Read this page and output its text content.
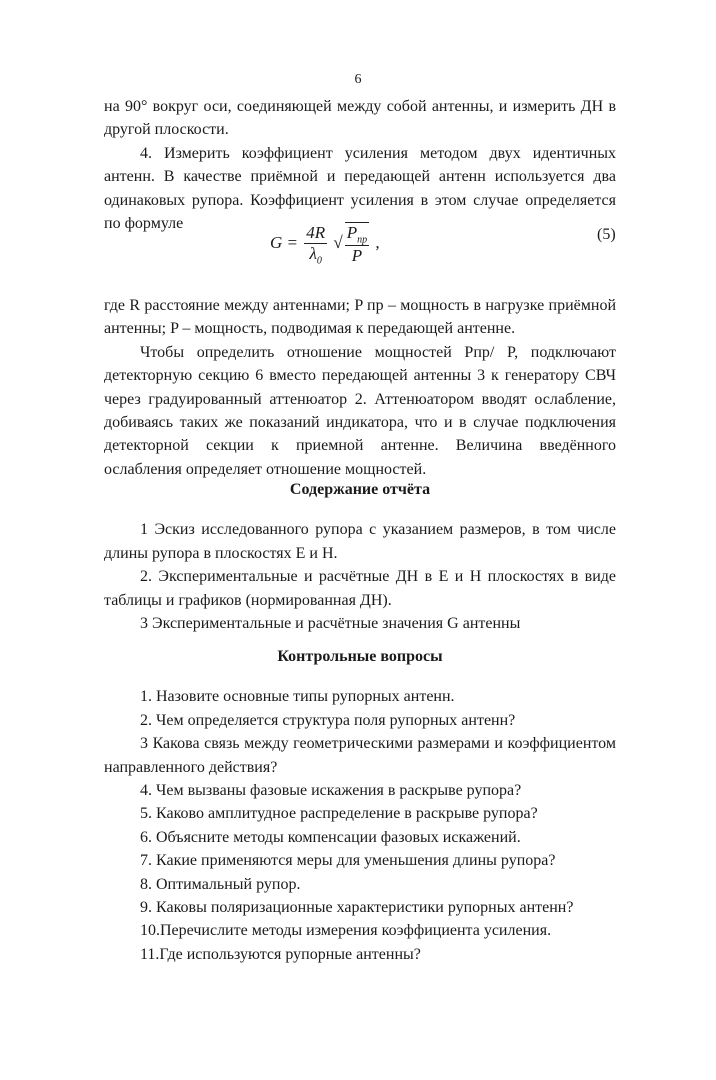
6

на 90° вокруг оси, соединяющей между собой антенны, и измерить ДН в другой плоскости.

4. Измерить коэффициент усиления методом двух идентичных антенн. В качестве приёмной и передающей антенн используется два одинаковых рупора. Коэффициент усиления в этом случае определяется по формуле

$G = \frac{4R}{\lambda_0}$ √ $\frac{P_{пр}}{P}$ ,	(5)

где R расстояние между антеннами; P пр – мощность в нагрузке приёмной антенны; P – мощность, подводимая к передающей антенне.

Чтобы определить отношение мощностей Pпр/ P, подключают детекторную секцию 6 вместо передающей антенны 3 к генератору СВЧ через градуированный аттенюатор 2. Аттенюатором вводят ослабление, добиваясь таких же показаний индикатора, что и в случае подключения детекторной секции к приемной антенне. Величина введённого ослабления определяет отношение мощностей.

Содержание отчёта

1 Эскиз исследованного рупора с указанием размеров, в том числе длины рупора в плоскостях E и H.

2. Экспериментальные и расчётные ДН в Е и Н плоскостях в виде таблицы и графиков (нормированная ДН).

3 Экспериментальные и расчётные значения G антенны

Контрольные вопросы

1. Назовите основные типы рупорных антенн.

2. Чем определяется структура поля рупорных антенн?

3 Какова связь между геометрическими размерами и коэффициентом направленного действия?

4. Чем вызваны фазовые искажения в раскрыве рупора?

5. Каково амплитудное распределение в раскрыве рупора?

6. Объясните методы компенсации фазовых искажений.

7. Какие применяются меры для уменьшения длины рупора?

8. Оптимальный рупор.

9. Каковы поляризационные характеристики рупорных антенн?

10.Перечислите методы измерения коэффициента усиления.

11.Где используются рупорные антенны?
